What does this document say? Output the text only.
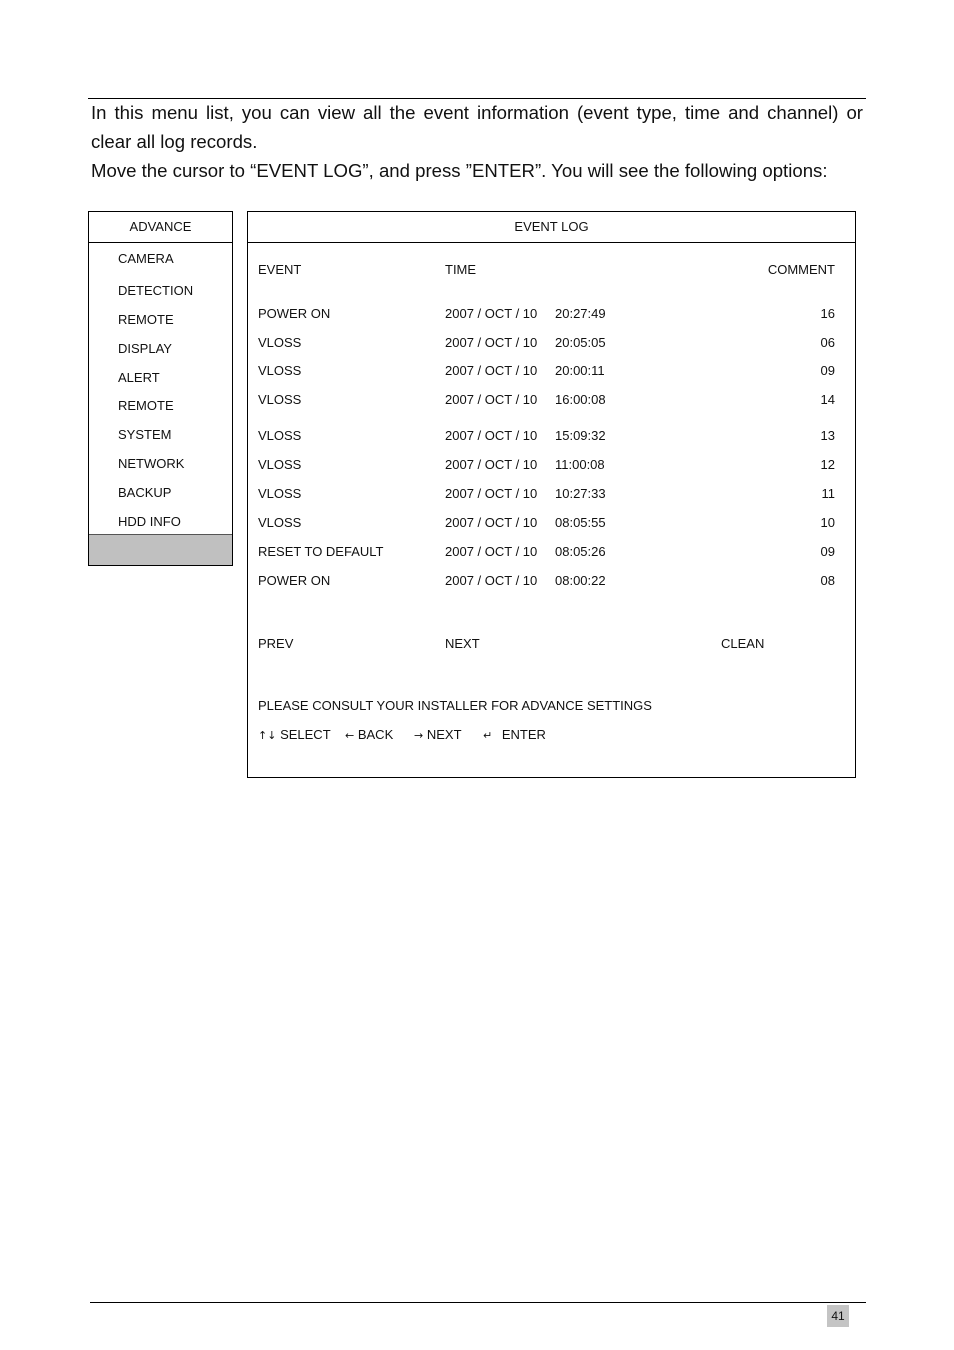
In this menu list, you can view all the event information (event type, time and channel) or clear all log records.

Move the cursor to “EVENT LOG”, and press ”ENTER”. You will see the following options:

ADVANCE
CAMERA
DETECTION
REMOTE
DISPLAY
ALERT
REMOTE
SYSTEM
NETWORK
BACKUP
HDD INFO
EVENT LOG
EVENT	TIME	COMMENT
POWER ON	2007 / OCT / 10 20:27:49	16
VLOSS	2007 / OCT / 10 20:05:05	06
VLOSS	2007 / OCT / 10 20:00:11	09
VLOSS	2007 / OCT / 10 16:00:08	14
VLOSS	2007 / OCT / 10 15:09:32	13
VLOSS	2007 / OCT / 10 11:00:08	12
VLOSS	2007 / OCT / 10 10:27:33	11
VLOSS	2007 / OCT / 10 08:05:55	10
RESET TO DEFAULT	2007 / OCT / 10 08:05:26	09
POWER ON	2007 / OCT / 10 08:00:22	08
PREV	NEXT	CLEAN
PLEASE CONSULT YOUR INSTALLER FOR ADVANCE SETTINGS
↑↓ SELECT ← BACK → NEXT ↵ ENTER
41
